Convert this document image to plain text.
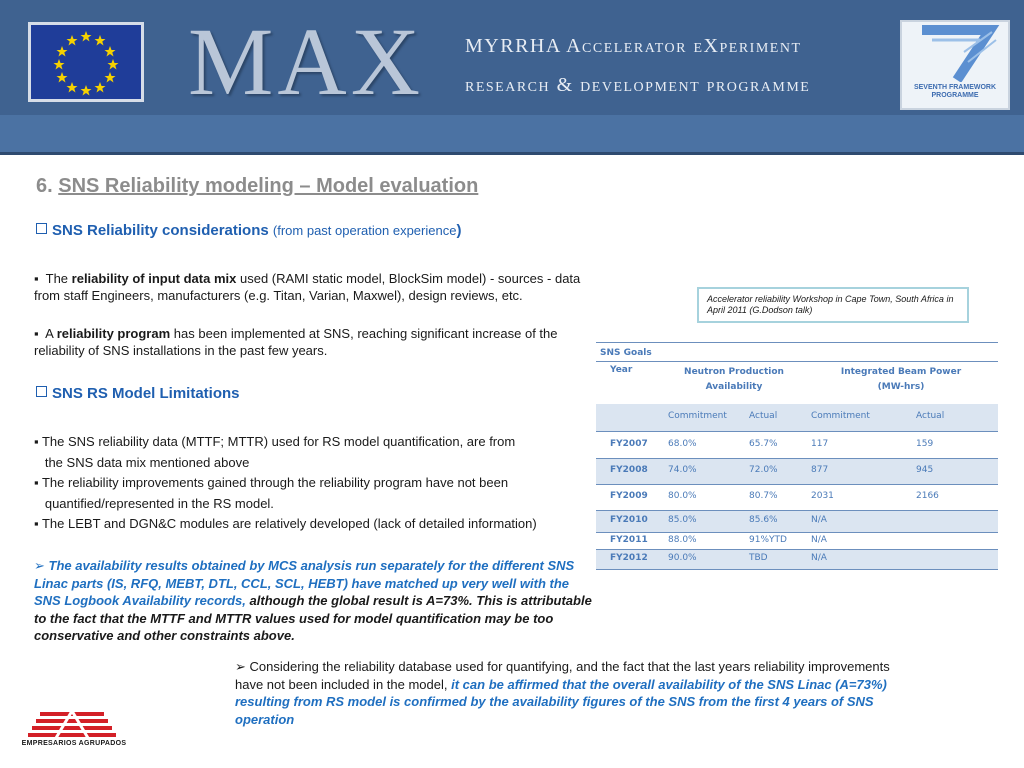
MAX MYRRHA Accelerator eXperiment
research & development programme	SEVENTH FRAMEWORK PROGRAMME
6. SNS Reliability modeling – Model evaluation
SNS Reliability considerations (from past operation experience)
▪  The reliability of input data mix used (RAMI static model, BlockSim model) - sources - data from staff Engineers, manufacturers (e.g. Titan, Varian, Maxwel), design reviews, etc.
▪  A reliability program has been implemented at SNS, reaching significant increase of the reliability of SNS installations in the past few years.
SNS RS Model Limitations

▪ The SNS reliability data (MTTF; MTTR) used for RS model quantification, are from

the SNS data mix mentioned above

▪ The reliability improvements gained through the reliability program have not been

quantified/represented in the RS model.

▪ The LEBT and DGN&C modules are relatively developed (lack of detailed information)

➢ The availability results obtained by MCS analysis run separately for the different SNS Linac parts (IS, RFQ, MEBT, DTL, CCL, SCL, HEBT) have matched up very well with the SNS Logbook Availability records, although the global result is A=73%. This is attributable to the fact that the MTTF and MTTR values used for model quantification may be too conservative and other constraints above.
➢ Considering the reliability database used for quantifying, and the fact that the last years reliability improvements have not been included in the model, it can be affirmed that the overall availability of the SNS Linac (A=73%) resulting from RS model is confirmed by the availability figures of the SNS from the first 4 years of SNS operation
Accelerator reliability Workshop in Cape Town, South Africa in April 2011 (G.Dodson talk)
SNS Goals
Year	Neutron Production
Availability
Integrated Beam Power
(MW-hrs)
Commitment Actual	Commitment	Actual
FY2007 68.0%	65.7%	117	159
FY2008 74.0%	72.0%	877	945
FY2009 80.0%	80.7%	2031	2166
FY2010 85.0%	85.6%	N/A
FY2011 88.0%	91%YTD	N/A
FY2012 90.0%	TBD	N/A
EMPRESARIOS AGRUPADOS
